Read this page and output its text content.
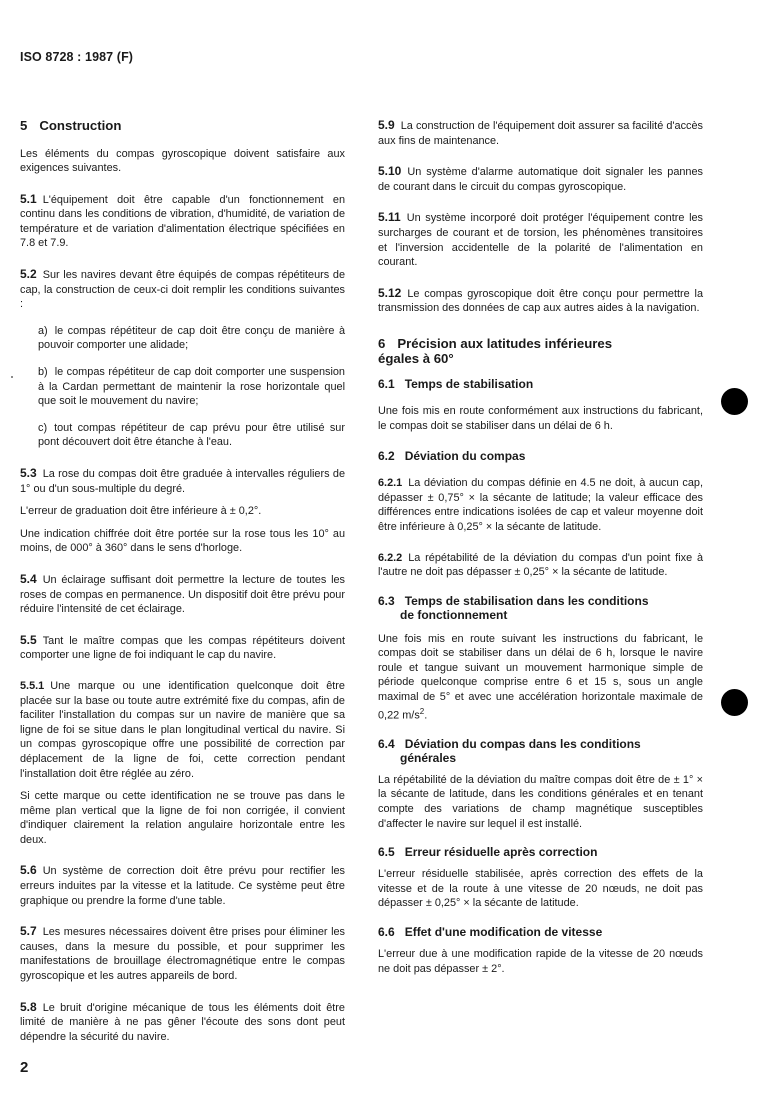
ISO 8728 : 1987 (F)
5 Construction

Les éléments du compas gyroscopique doivent satisfaire aux exigences suivantes.

5.1 L'équipement doit être capable d'un fonctionnement en continu dans les conditions de vibration, d'humidité, de variation de température et de variation d'alimentation électrique spécifiées en 7.8 et 7.9.

5.2 Sur les navires devant être équipés de compas répétiteurs de cap, la construction de ceux-ci doit remplir les conditions suivantes :

a) le compas répétiteur de cap doit être conçu de manière à pouvoir comporter une alidade;

b) le compas répétiteur de cap doit comporter une suspension à la Cardan permettant de maintenir la rose horizontale quel que soit le mouvement du navire;

c) tout compas répétiteur de cap prévu pour être utilisé sur pont découvert doit être étanche à l'eau.

5.3 La rose du compas doit être graduée à intervalles réguliers de 1° ou d'un sous-multiple du degré.

L'erreur de graduation doit être inférieure à ± 0,2°.

Une indication chiffrée doit être portée sur la rose tous les 10° au moins, de 000° à 360° dans le sens d'horloge.

5.4 Un éclairage suffisant doit permettre la lecture de toutes les roses de compas en permanence. Un dispositif doit être prévu pour réduire l'intensité de cet éclairage.

5.5 Tant le maître compas que les compas répétiteurs doivent comporter une ligne de foi indiquant le cap du navire.

5.5.1 Une marque ou une identification quelconque doit être placée sur la base ou toute autre extrémité fixe du compas, afin de faciliter l'installation du compas sur un navire de manière que sa ligne de foi se situe dans le plan longitudinal vertical du navire. Si un compas gyroscopique offre une possibilité de correction par déplacement de la ligne de foi, cette correction pendant l'installation doit être réglée au zéro.

Si cette marque ou cette identification ne se trouve pas dans le même plan vertical que la ligne de foi non corrigée, il convient d'indiquer clairement la relation angulaire horizontale entre les deux.

5.6 Un système de correction doit être prévu pour rectifier les erreurs induites par la vitesse et la latitude. Ce système peut être graphique ou prendre la forme d'une table.

5.7 Les mesures nécessaires doivent être prises pour éliminer les causes, dans la mesure du possible, et pour supprimer les manifestations de brouillage électromagnétique entre le compas gyroscopique et les autres appareils de bord.

5.8 Le bruit d'origine mécanique de tous les éléments doit être limité de manière à ne pas gêner l'écoute des sons dont peut dépendre la sécurité du navire.

5.9 La construction de l'équipement doit assurer sa facilité d'accès aux fins de maintenance.

5.10 Un système d'alarme automatique doit signaler les pannes de courant dans le circuit du compas gyroscopique.

5.11 Un système incorporé doit protéger l'équipement contre les surcharges de courant et de torsion, les phénomènes transitoires et l'inversion accidentelle de la polarité de l'alimentation en courant.

5.12 Le compas gyroscopique doit être conçu pour permettre la transmission des données de cap aux autres aides à la navigation.

6 Précision aux latitudes inférieures
égales à 60°
6.1 Temps de stabilisation

Une fois mis en route conformément aux instructions du fabricant, le compas doit se stabiliser dans un délai de 6 h.

6.2 Déviation du compas

6.2.1 La déviation du compas définie en 4.5 ne doit, à aucun cap, dépasser ± 0,75° × la sécante de latitude; la valeur efficace des différences entre indications isolées de cap et valeur moyenne doit être inférieure à 0,25° × la sécante de latitude.

6.2.2 La répétabilité de la déviation du compas d'un point fixe à l'autre ne doit pas dépasser ± 0,25° × la sécante de latitude.

6.3 Temps de stabilisation dans les conditions
de fonctionnement

Une fois mis en route suivant les instructions du fabricant, le compas doit se stabiliser dans un délai de 6 h, lorsque le navire roule et tangue suivant un mouvement harmonique simple de période quelconque comprise entre 6 et 15 s, sous un angle maximal de 5° et avec une accélération horizontale maximale de 0,22 $m/s^2$.

6.4 Déviation du compas dans les conditions
générales

La répétabilité de la déviation du maître compas doit être de ± 1° × la sécante de latitude, dans les conditions générales et en tenant compte des variations de champ magnétique susceptibles d'affecter le navire sur lequel il est installé.

6.5 Erreur résiduelle après correction

L'erreur résiduelle stabilisée, après correction des effets de la vitesse et de la route à une vitesse de 20 nœuds, ne doit pas dépasser ± 0,25° × la sécante de latitude.

6.6 Effet d'une modification de vitesse

L'erreur due à une modification rapide de la vitesse de 20 nœuds ne doit pas dépasser ± 2°.

2
